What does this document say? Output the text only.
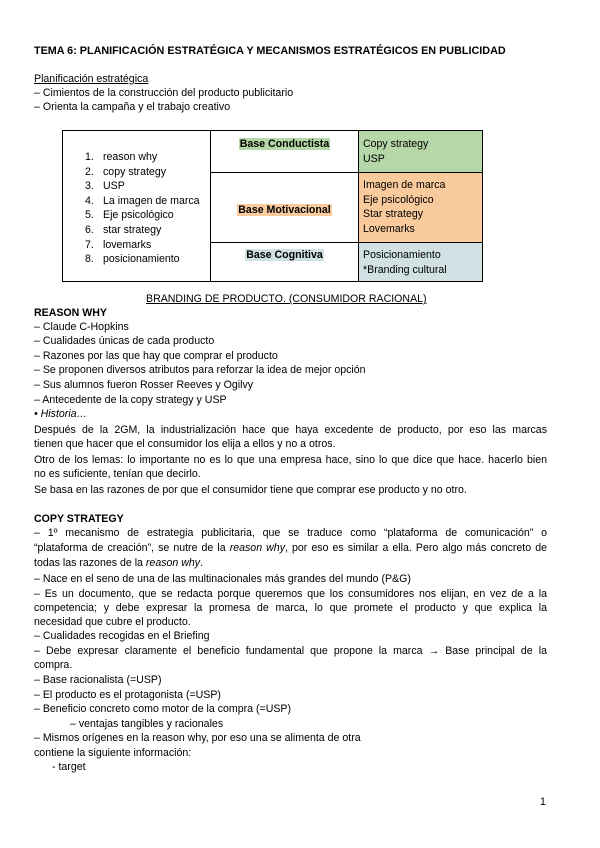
TEMA 6: PLANIFICACIÓN ESTRATÉGICA Y MECANISMOS ESTRATÉGICOS EN PUBLICIDAD
Planificación estratégica
– Cimientos de la construcción del producto publicitario
– Orienta la campaña y el trabajo creativo
1. reason why
2. copy strategy
3. USP
4. La imagen de marca
5. Eje psicológico
6. star strategy
7. lovemarks
8. posicionamiento
Base Conductista
Base Motivacional
Base Cognitiva
Copy strategy
USP
Imagen de marca
Eje psicológico
Star strategy
Lovemarks
Posicionamiento
*Branding cultural
BRANDING DE PRODUCTO. (CONSUMIDOR RACIONAL)
REASON WHY
– Claude C-Hopkins
– Cualidades únicas de cada producto
– Razones por las que hay que comprar el producto
– Se proponen diversos atributos para reforzar la idea de mejor opción
– Sus alumnos fueron Rosser Reeves y Ogilvy
– Antecedente de la copy strategy y USP
• Historia…
Después de la 2GM, la industrialización hace que haya excedente de producto, por eso las marcas
tienen que hacer que el consumidor los elija a ellos y no a otros.
Otro de los lemas: lo importante no es lo que una empresa hace, sino lo que dice que hace. hacerlo bien
no es suficiente, tenían que decirlo.
Se basa en las razones de por que el consumidor tiene que comprar ese producto y no otro.
COPY STRATEGY
– 1º mecanismo de estrategia publicitaria, que se traduce como “plataforma de comunicación” o
“plataforma de creación”, se nutre de la reason why, por eso es similar a ella. Pero algo más concreto de
todas las razones de la reason why.
– Nace en el seno de una de las multinacionales más grandes del mundo (P&G)
– Es un documento, que se redacta porque queremos que los consumidores nos elijan, en vez de a la
competencia; y debe expresar la promesa de marca, lo que promete el producto y que explica la
necesidad que cubre el producto.
– Cualidades recogidas en el Briefing
– Debe expresar claramente el beneficio fundamental que propone la marca → Base principal de la
compra.
– Base racionalista (=USP)
– El producto es el protagonista (=USP)
– Beneficio concreto como motor de la compra (=USP)
– ventajas tangibles y racionales
– Mismos orígenes en la reason why, por eso una se alimenta de otra
contiene la siguiente información:
- target
1
